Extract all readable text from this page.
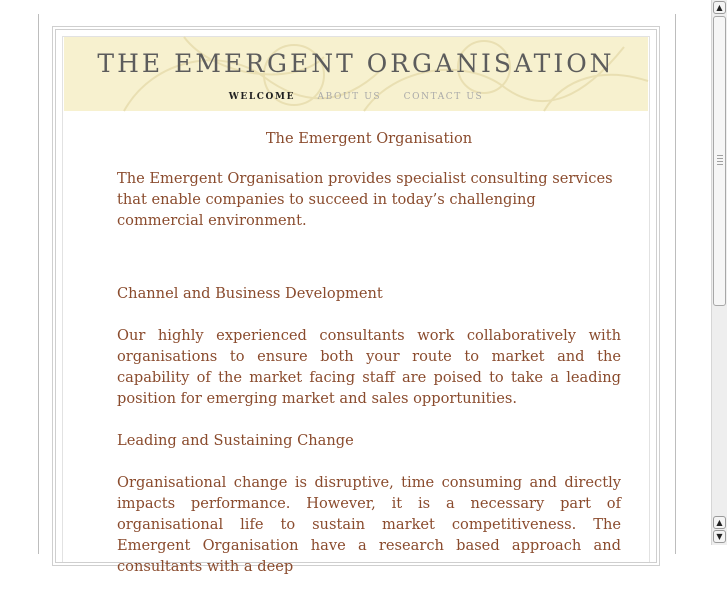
THE EMERGENT ORGANISATION
WELCOME ABOUT US CONTACT US
The Emergent Organisation

The Emergent Organisation provides specialist consulting services that enable companies to succeed in today’s challenging commercial environment.

Channel and Business Development

Our highly experienced consultants work collaboratively with organisations to ensure both your route to market and the capability of the market facing staff are poised to take a leading position for emerging market and sales opportunities.

Leading and Sustaining Change

Organisational change is disruptive, time consuming and directly impacts performance. However, it is a necessary part of organisational life to sustain market competitiveness. The Emergent Organisation have a research based approach and consultants with a deep

▲
▲
▼
